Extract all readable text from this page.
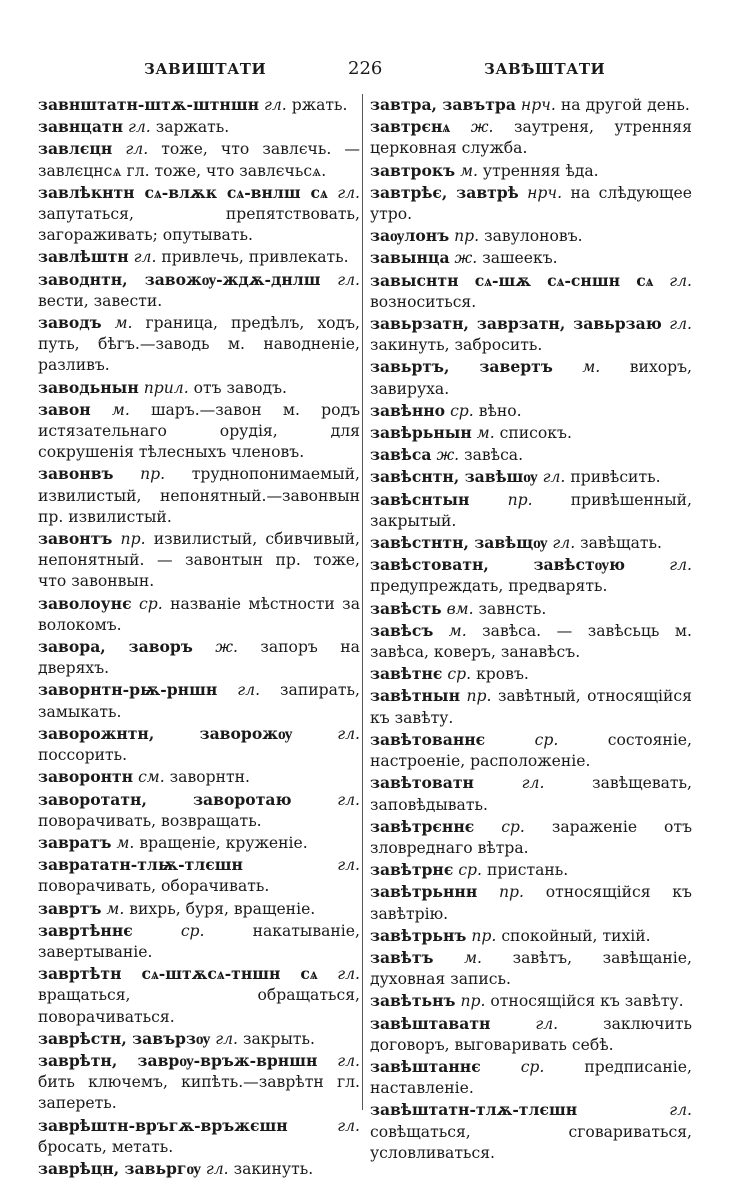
ЗАВИШТАТИ	226	ЗАВѢШТАТИ

завнштатн-штѫ-штншн гл. ржать.

завнцатн гл. заржать.

завлєцн гл. тоже, что завлєчь. — завлєцнсѧ гл. тоже, что завлєчьсѧ.

завлѣкнтн сѧ-влѫк сѧ-внлш сѧ гл. запутаться, препятствовать, загораживать; опутывать.

завлѣштн гл. привлечь, привлекать.

заводнтн, завожѹ-ждѫ-днлш гл. вести, завести.

заводъ м. граница, предѣлъ, ходъ, путь, бѣгъ.—заводь м. наводненіе, разливъ.

заводьнын прил. отъ заводъ.

завон м. шаръ.—завон м. родъ истязательнаго орудія, для сокрушенія тѣлесныхъ членовъ.

завонвъ пр. труднопонимаемый, извилистый, непонятный.—завонвын пр. извилистый.

завонтъ пр. извилистый, сбивчивый, непонятный. — завонтын пр. тоже, что завонвын.

заволоунє ср. названіе мѣстности за волокомъ.

заворa, заворъ ж. запоръ на дверяхъ.

заворнтн-рѭ-рншн гл. запирать, замыкать.

заворожнтн, заворожѹ	гл. поссорить.

заворонтн см. заворнтн.

заворотатн, заворотаю	гл. поворачивать, возвращать.

завратъ м. вращеніе, круженіе.

заврататн-тлѭ-тлєшн	гл. поворачивать, оборачивать.

завртъ м. вихрь, буря, вращеніе.

завртѣннє	ср.	накатываніе, завертываніе.

завртѣтн сѧ-штѫсѧ-тншн сѧ гл. вращаться, обращаться, поворачиваться.

заврѣстн, завързѹ гл. закрыть.

заврѣтн, заврѹ-връж-врншн гл. бить ключемъ, кипѣть.—заврѣтн гл. запереть.

заврѣштн-връгѫ-връжєшн	гл. бросать, метать.

заврѣцн, завьргѹ гл. закинуть.

завтра, завътра нрч. на другой день.

завтрєнѧ ж. заутреня, утренняя церковная служба.

завтрокъ м. утренняя ѣда.

завтрѣє, завтрѣ нрч. на слѣдующее утро.

заѹлонъ пр. завулоновъ.

завынцa ж. зашеекъ.

завыснтн сѧ-шѫ сѧ-сншн сѧ гл. возноситься.

завьрзатн, заврзатн, завьрзаю гл. закинуть, забросить.

завьртъ, завертъ м. вихоръ, завируха.

завѣнно ср. вѣно.

завѣрьнын м. списокъ.

завѣсa ж. завѣса.

завѣснтн, завѣшѹ гл. привѣсить.

завѣснтын пр. привѣшенный, закрытый.

завѣстнтн, завѣщѹ гл. завѣщать.

завѣстоватн, завѣстѹю	гл. предупреждать, предварять.

завѣсть вм. завнсть.

завѣсъ м. завѣса. — завѣсьць м. завѣса, коверъ, занавѣсъ.

завѣтнє ср. кровъ.

завѣтнын пр. завѣтный, относящійся къ завѣту.

завѣтованнє	ср.	состояніе, настроеніе, расположеніе.

завѣтоватн	гл.	завѣщевать, заповѣдывать.

завѣтрєннє ср. зараженіе отъ зловреднаго вѣтра.

завѣтрнє ср. пристань.

завѣтрьннн пр. относящійся къ завѣтрію.

завѣтрьнъ пр. спокойный, тихій.

завѣтъ м. завѣтъ, завѣщаніе, духовная запись.

завѣтьнъ пр. относящійся къ завѣту.

завѣштаватн	гл.	заключить договоръ, выговаривать себѣ.

завѣштаннє	ср.	предписаніе, наставленіе.

завѣштатн-тлѫ-тлєшн	гл. совѣщаться, сговариваться, условливаться.
